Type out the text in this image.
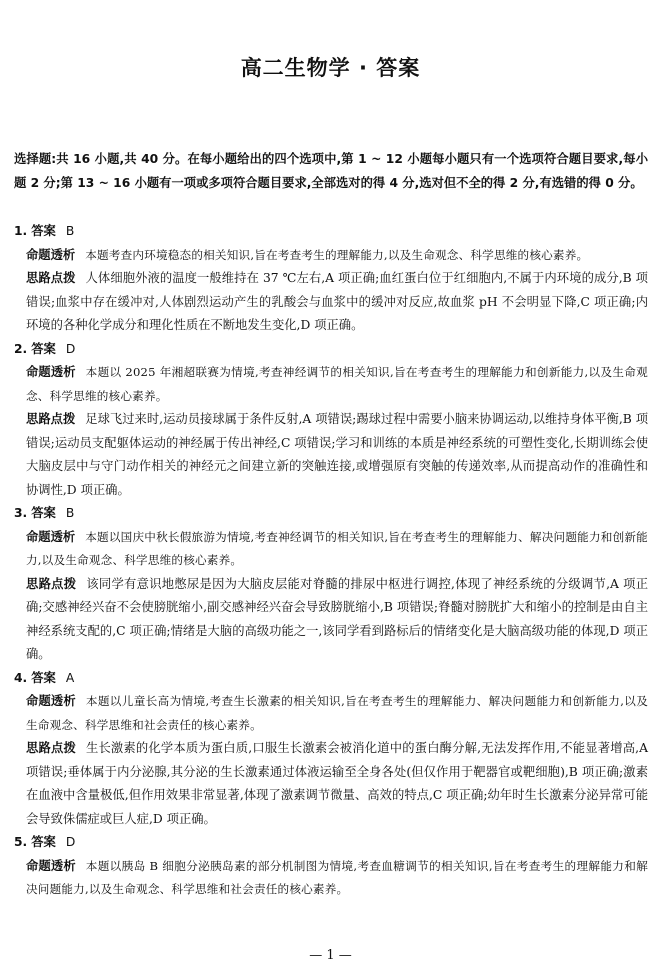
高二生物学 · 答案
选择题:共 16 小题,共 40 分。在每小题给出的四个选项中,第 1 ~ 12 小题每小题只有一个选项符合题目要求,每小题 2 分;第 13 ~ 16 小题有一项或多项符合题目要求,全部选对的得 4 分,选对但不全的得 2 分,有选错的得 0 分。
1. 答案 B

命题透析 本题考查内环境稳态的相关知识,旨在考查考生的理解能力,以及生命观念、科学思维的核心素养。

思路点拨 人体细胞外液的温度一般维持在 37 ℃左右,A 项正确;血红蛋白位于红细胞内,不属于内环境的成分,B 项错误;血浆中存在缓冲对,人体剧烈运动产生的乳酸会与血浆中的缓冲对反应,故血浆 pH 不会明显下降,C 项正确;内环境的各种化学成分和理化性质在不断地发生变化,D 项正确。

2. 答案 D

命题透析 本题以 2025 年湘超联赛为情境,考查神经调节的相关知识,旨在考查考生的理解能力和创新能力,以及生命观念、科学思维的核心素养。

思路点拨 足球飞过来时,运动员接球属于条件反射,A 项错误;踢球过程中需要小脑来协调运动,以维持身体平衡,B 项错误;运动员支配躯体运动的神经属于传出神经,C 项错误;学习和训练的本质是神经系统的可塑性变化,长期训练会使大脑皮层中与守门动作相关的神经元之间建立新的突触连接,或增强原有突触的传递效率,从而提高动作的准确性和协调性,D 项正确。

3. 答案 B

命题透析 本题以国庆中秋长假旅游为情境,考查神经调节的相关知识,旨在考查考生的理解能力、解决问题能力和创新能力,以及生命观念、科学思维的核心素养。

思路点拨 该同学有意识地憋尿是因为大脑皮层能对脊髓的排尿中枢进行调控,体现了神经系统的分级调节,A 项正确;交感神经兴奋不会使膀胱缩小,副交感神经兴奋会导致膀胱缩小,B 项错误;脊髓对膀胱扩大和缩小的控制是由自主神经系统支配的,C 项正确;情绪是大脑的高级功能之一,该同学看到路标后的情绪变化是大脑高级功能的体现,D 项正确。

4. 答案 A

命题透析 本题以儿童长高为情境,考查生长激素的相关知识,旨在考查考生的理解能力、解决问题能力和创新能力,以及生命观念、科学思维和社会责任的核心素养。

思路点拨 生长激素的化学本质为蛋白质,口服生长激素会被消化道中的蛋白酶分解,无法发挥作用,不能显著增高,A 项错误;垂体属于内分泌腺,其分泌的生长激素通过体液运输至全身各处(但仅作用于靶器官或靶细胞),B 项正确;激素在血液中含量极低,但作用效果非常显著,体现了激素调节微量、高效的特点,C 项正确;幼年时生长激素分泌异常可能会导致侏儒症或巨人症,D 项正确。

5. 答案 D

命题透析 本题以胰岛 B 细胞分泌胰岛素的部分机制图为情境,考查血糖调节的相关知识,旨在考查考生的理解能力和解决问题能力,以及生命观念、科学思维和社会责任的核心素养。

— 1 —
